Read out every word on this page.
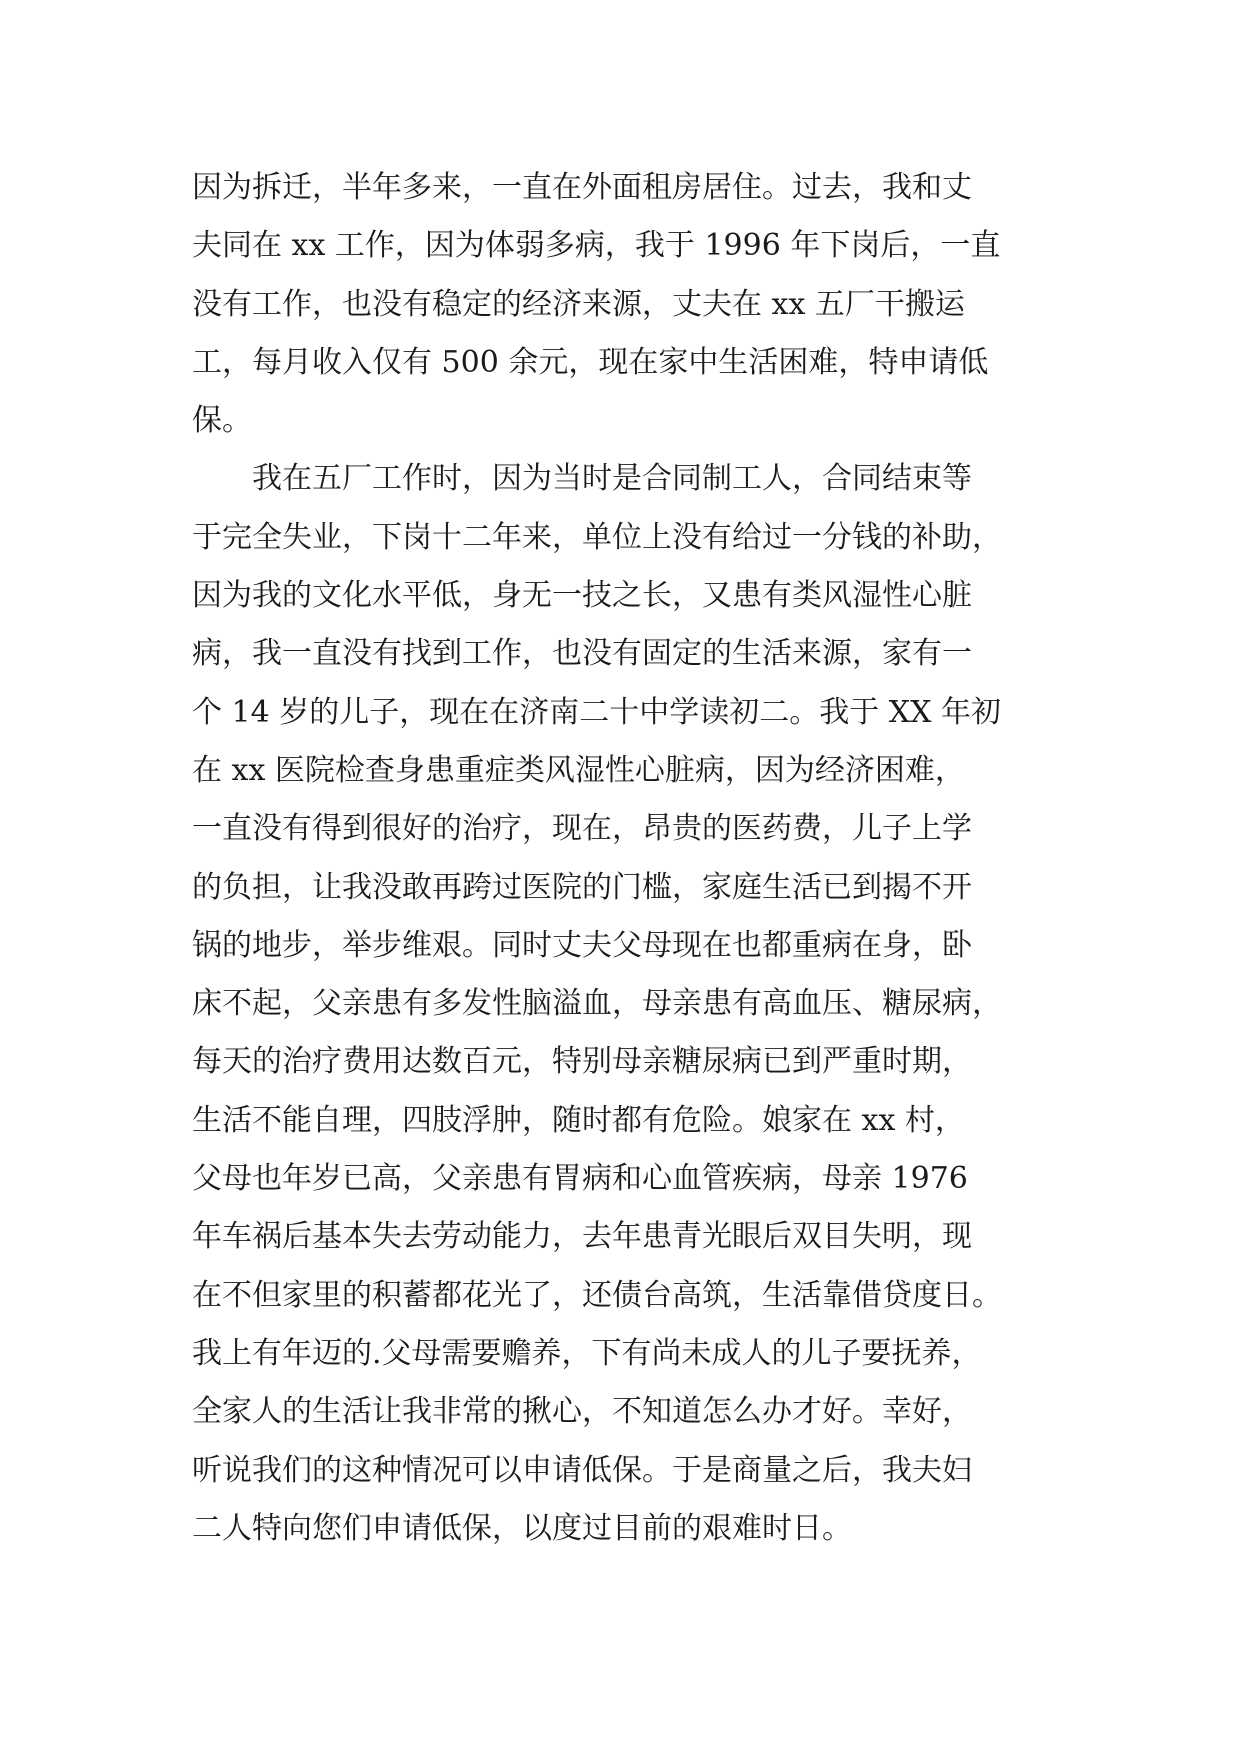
因为拆迁，半年多来，一直在外面租房居住。过去，我和丈
夫同在 xx 工作，因为体弱多病，我于 1996 年下岗后，一直
没有工作，也没有稳定的经济来源，丈夫在 xx 五厂干搬运
工，每月收入仅有 500 余元，现在家中生活困难，特申请低
保。
　　我在五厂工作时，因为当时是合同制工人，合同结束等
于完全失业，下岗十二年来，单位上没有给过一分钱的补助，
因为我的文化水平低，身无一技之长，又患有类风湿性心脏
病，我一直没有找到工作，也没有固定的生活来源，家有一
个 14 岁的儿子，现在在济南二十中学读初二。我于 XX 年初
在 xx 医院检查身患重症类风湿性心脏病，因为经济困难，
一直没有得到很好的治疗，现在，昂贵的医药费，儿子上学
的负担，让我没敢再跨过医院的门槛，家庭生活已到揭不开
锅的地步，举步维艰。同时丈夫父母现在也都重病在身，卧
床不起，父亲患有多发性脑溢血，母亲患有高血压、糖尿病，
每天的治疗费用达数百元，特别母亲糖尿病已到严重时期，
生活不能自理，四肢浮肿，随时都有危险。娘家在 xx 村，
父母也年岁已高，父亲患有胃病和心血管疾病，母亲 1976
年车祸后基本失去劳动能力，去年患青光眼后双目失明，现
在不但家里的积蓄都花光了，还债台高筑，生活靠借贷度日。
我上有年迈的.父母需要赡养，下有尚未成人的儿子要抚养，
全家人的生活让我非常的揪心，不知道怎么办才好。幸好，
听说我们的这种情况可以申请低保。于是商量之后，我夫妇
二人特向您们申请低保，以度过目前的艰难时日。
